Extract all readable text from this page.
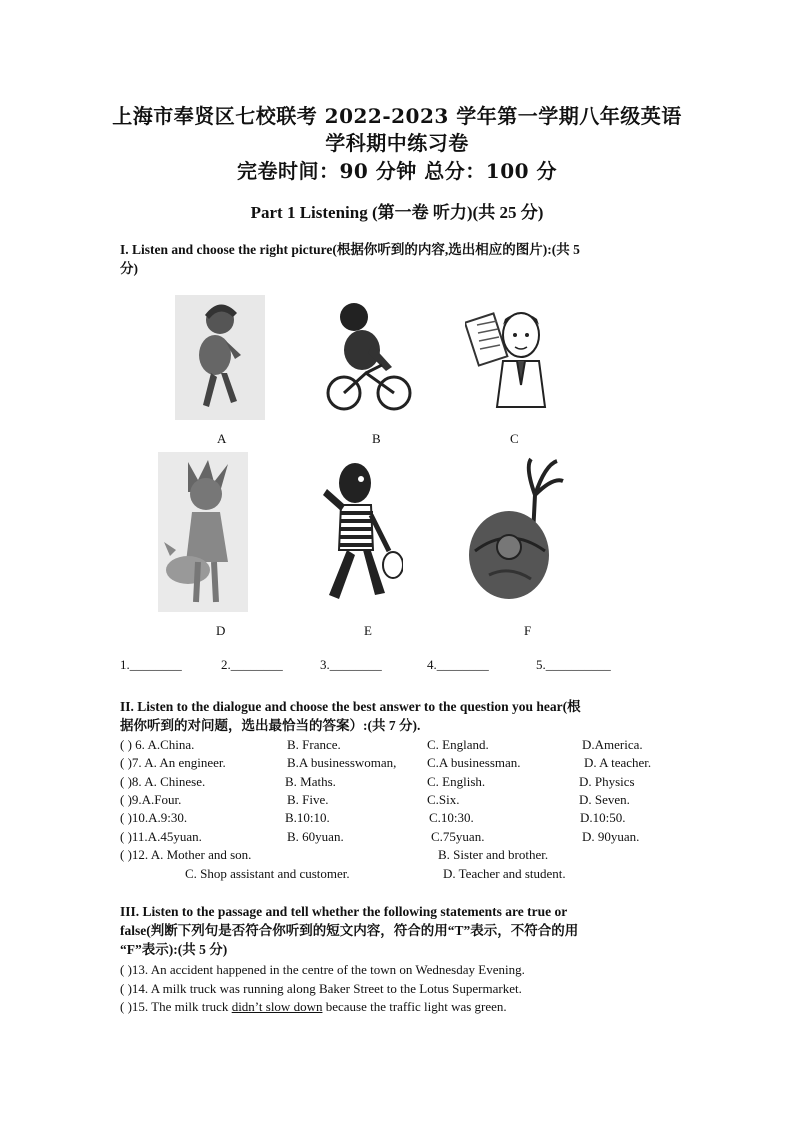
上海市奉贤区七校联考 2022-2023 学年第一学期八年级英语
学科期中练习卷
完卷时间：90 分钟 总分：100 分
Part 1 Listening (第一卷 听力)(共 25 分)
I. Listen and choose the right picture(根据你听到的内容,选出相应的图片):(共 5
分)
A	B	C
D	E	F
1.________	2.________	3.________	4.________	5.__________
II. Listen to the dialogue and choose the best answer to the question you hear(根
据你听到的对问题，选出最恰当的答案）:(共 7 分).
( ) 6. A.China.	B. France.	C. England.	D.America.
( )7. A. An engineer.	B.A businesswoman, C.A businessman.	D. A teacher.
( )8. A. Chinese.	B. Maths.	C. English.	D. Physics
( )9.A.Four.	B. Five.	C.Six.	D. Seven.
( )10.A.9:30.	B.10:10.	C.10:30.	D.10:50.
( )11.A.45yuan.	B. 60yuan.	C.75yuan.	D. 90yuan.
( )12. A. Mother and son.	B. Sister and brother.
C. Shop assistant and customer.	D. Teacher and student.
III. Listen to the passage and tell whether the following statements are true or
false(判断下列句是否符合你听到的短文内容，符合的用“T”表示，不符合的用
“F”表示):(共 5 分)
( )13. An accident happened in the centre of the town on Wednesday Evening.
( )14. A milk truck was running along Baker Street to the Lotus Supermarket.
( )15. The milk truck didn’t slow down because the traffic light was green.
